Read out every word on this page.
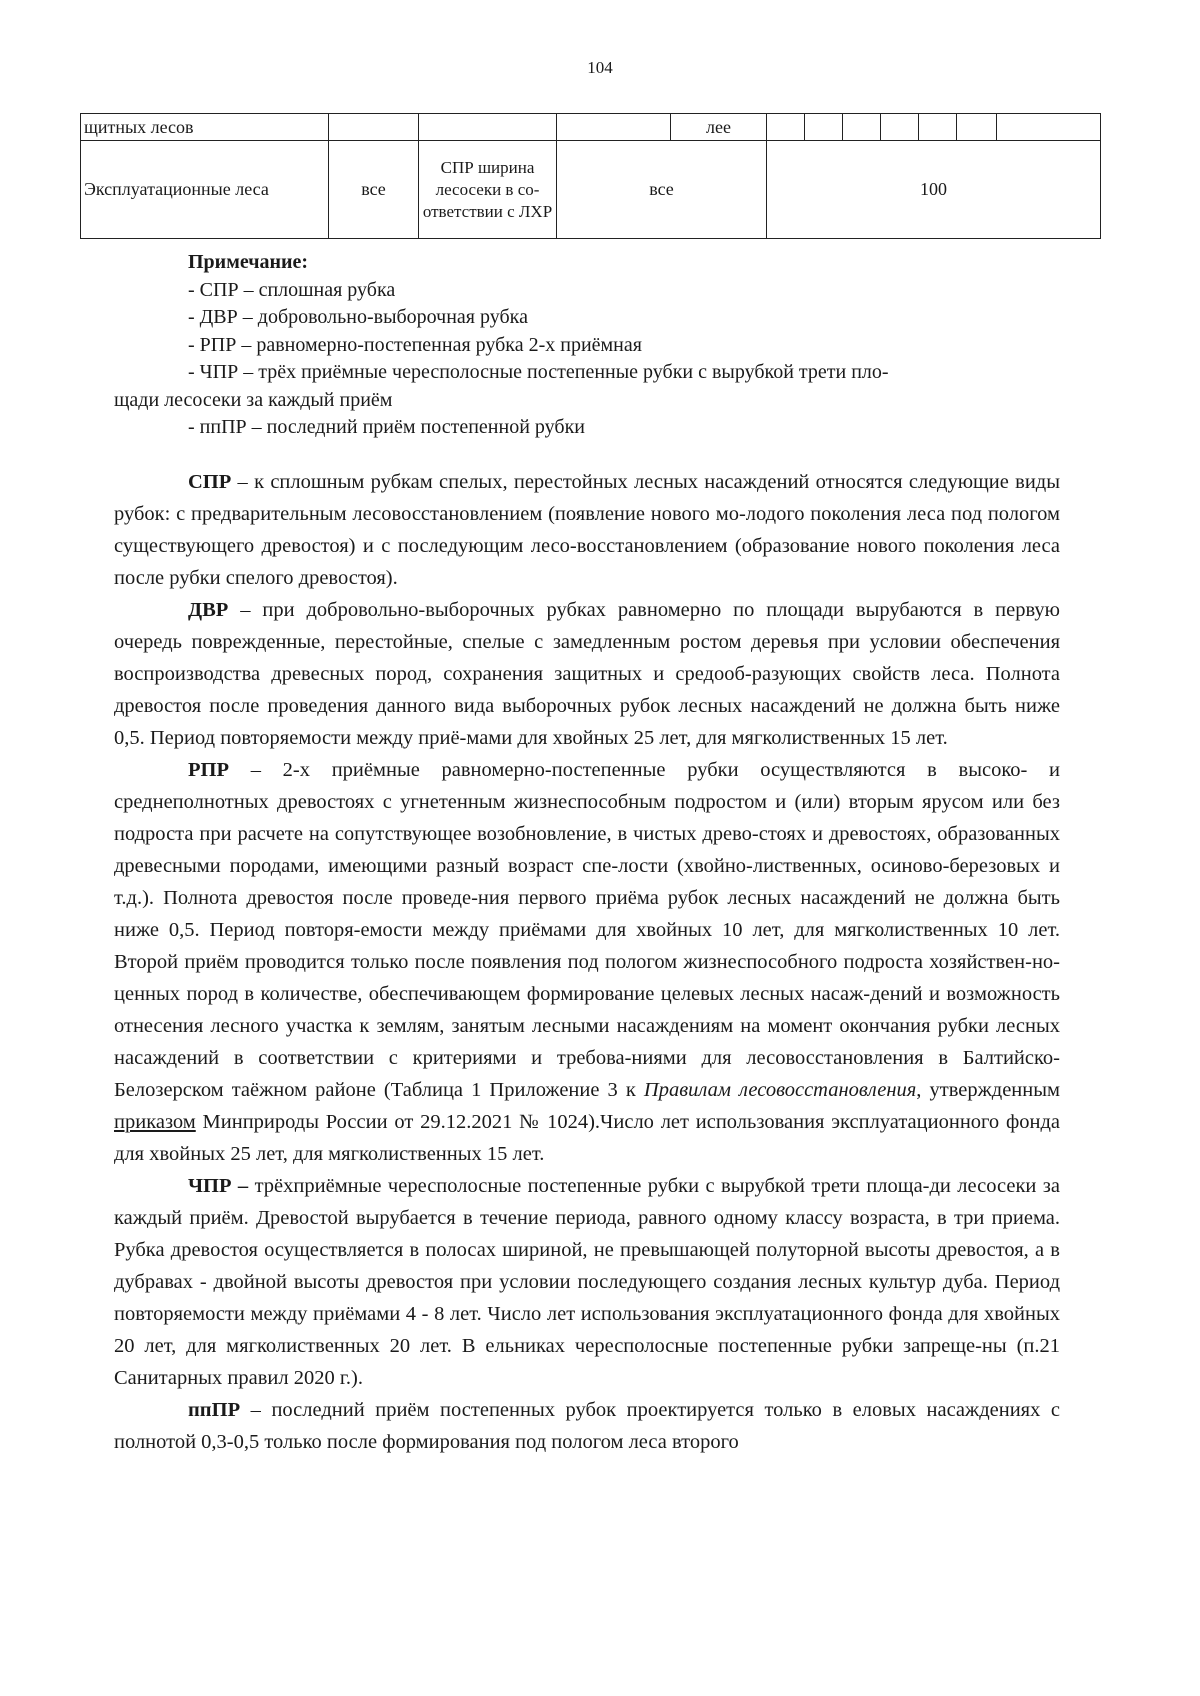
104
щитных лесов				лее							
Эксплуатационные леса	все	СПР ширина лесосеки в со-ответствии с ЛХР	все		100						
Примечание:
- СПР – сплошная рубка
- ДВР – добровольно-выборочная рубка
- РПР – равномерно-постепенная рубка 2-х приёмная
- ЧПР – трёх приёмные чересполосные постепенные рубки с вырубкой трети пло-
щади лесосеки за каждый приём
- ппПР – последний приём постепенной рубки

СПР – к сплошным рубкам спелых, перестойных лесных насаждений относятся следующие виды рубок: с предварительным лесовосстановлением (появление нового мо-лодого поколения леса под пологом существующего древостоя) и с последующим лесо-восстановлением (образование нового поколения леса после рубки спелого древостоя).

ДВР – при добровольно-выборочных рубках равномерно по площади вырубаются в первую очередь поврежденные, перестойные, спелые с замедленным ростом деревья при условии обеспечения воспроизводства древесных пород, сохранения защитных и средооб-разующих свойств леса. Полнота древостоя после проведения данного вида выборочных рубок лесных насаждений не должна быть ниже 0,5. Период повторяемости между приё-мами для хвойных 25 лет, для мягколиственных 15 лет.

РПР – 2-х приёмные равномерно-постепенные рубки осуществляются в высоко- и среднеполнотных древостоях с угнетенным жизнеспособным подростом и (или) вторым ярусом или без подроста при расчете на сопутствующее возобновление, в чистых древо-стоях и древостоях, образованных древесными породами, имеющими разный возраст спе-лости (хвойно-лиственных, осиново-березовых и т.д.). Полнота древостоя после проведе-ния первого приёма рубок лесных насаждений не должна быть ниже 0,5. Период повторя-емости между приёмами для хвойных 10 лет, для мягколиственных 10 лет. Второй приём проводится только после появления под пологом жизнеспособного подроста хозяйствен-но-ценных пород в количестве, обеспечивающем формирование целевых лесных насаж-дений и возможность отнесения лесного участка к землям, занятым лесными насаждениям на момент окончания рубки лесных насаждений в соответствии с критериями и требова-ниями для лесовосстановления в Балтийско-Белозерском таёжном районе (Таблица 1 Приложение 3 к Правилам лесовосстановления, утвержденным приказом Минприроды России от 29.12.2021 № 1024).Число лет использования эксплуатационного фонда для хвойных 25 лет, для мягколиственных 15 лет.

ЧПР – трёхприёмные чересполосные постепенные рубки с вырубкой трети площа-ди лесосеки за каждый приём. Древостой вырубается в течение периода, равного одному классу возраста, в три приема. Рубка древостоя осуществляется в полосах шириной, не превышающей полуторной высоты древостоя, а в дубравах - двойной высоты древостоя при условии последующего создания лесных культур дуба. Период повторяемости между приёмами 4 - 8 лет. Число лет использования эксплуатационного фонда для хвойных 20 лет, для мягколиственных 20 лет. В ельниках чересполосные постепенные рубки запреще-ны (п.21 Санитарных правил 2020 г.).

ппПР – последний приём постепенных рубок проектируется только в еловых насаждениях с полнотой 0,3-0,5 только после формирования под пологом леса второго
